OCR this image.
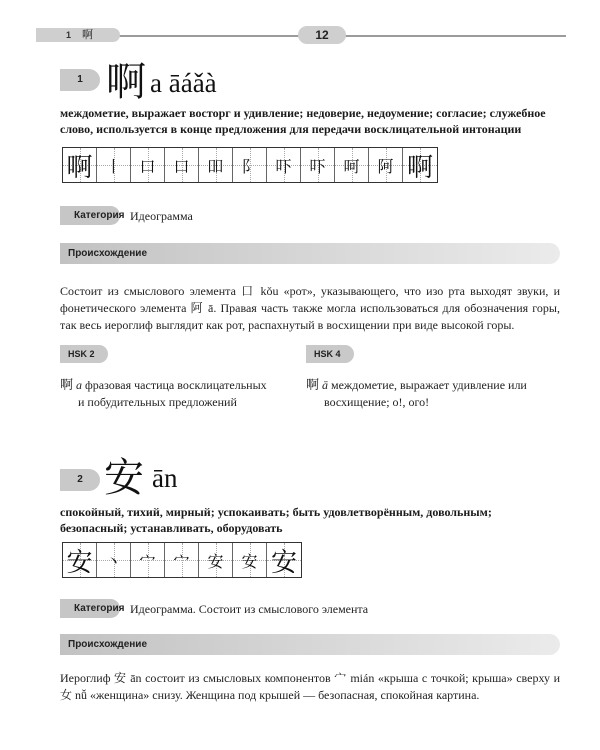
1 啊	12
1 啊 a āáǎà
междометие, выражает восторг и удивление; недоверие, недоумение; согласие; служебное слово, используется в конце предложения для передачи восклицательной интонации
啊 丨 口 口 吅 阝 吓 吓 呵 阿 啊
Категория Идеограмма
Происхождение
Состоит из смыслового элемента 口 kǒu «рот», указывающего, что изо рта выходят звуки, и фонетического элемента 阿 ā. Правая часть также могла использоваться для обозначения горы, так весь иероглиф выглядит как рот, распахнутый в восхищении при виде высокой горы.
HSK 2
啊 a фразовая частица восклицательных
и побудительных предложений
HSK 4
啊 ā междометие, выражает удивление или
восхищение; о!, ого!
2 安 ān
спокойный, тихий, мирный; успокаивать; быть удовлетворённым, довольным; безопасный; устанавливать, оборудовать
安 丶 宀 宀 安 安 安
Категория Идеограмма. Состоит из смыслового элемента
Происхождение
Иероглиф 安 ān состоит из смысловых компонентов 宀 mián «крыша с точкой; крыша» сверху и 女 nǚ «женщина» снизу. Женщина под крышей — безопасная, спокойная картина.
